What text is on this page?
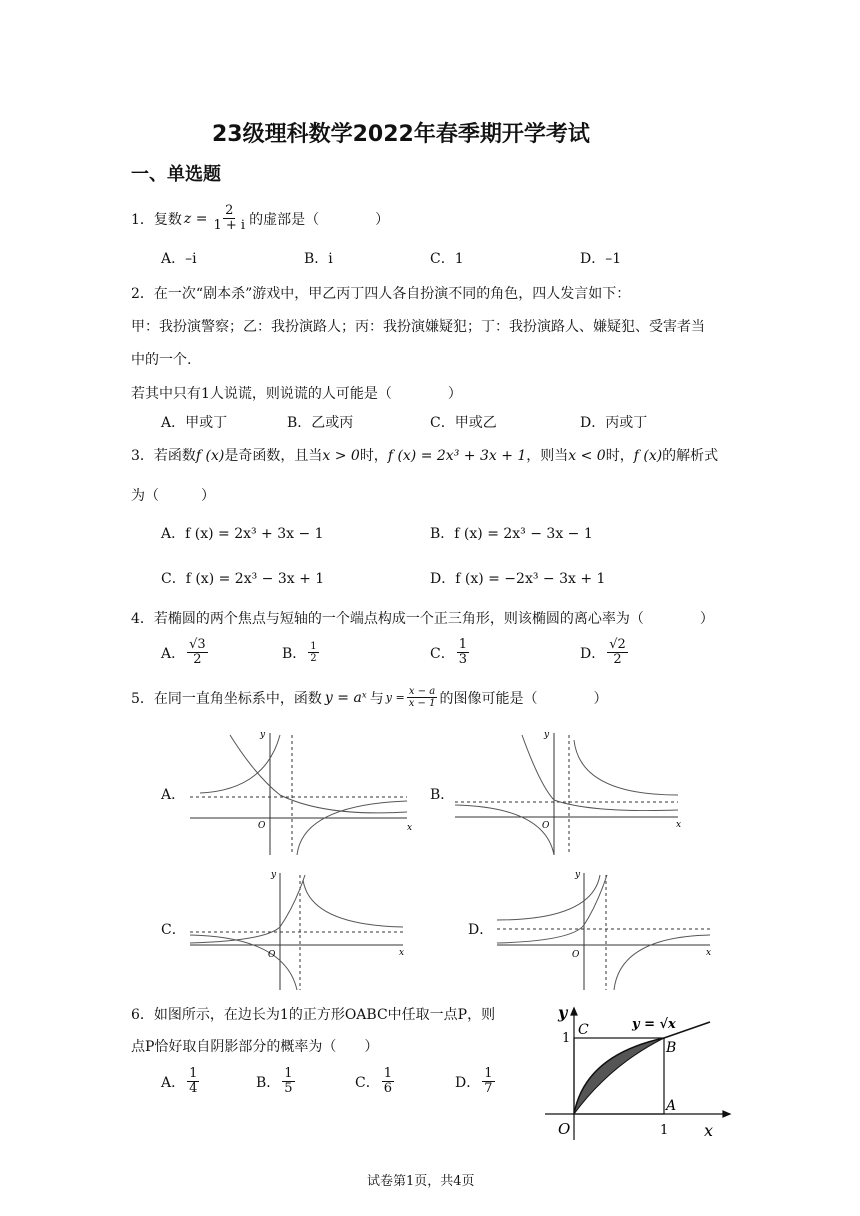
23级理科数学2022年春季期开学考试
一、单选题
1．复数 $z = \frac{2}{1 + i}$ 的虚部是（　　　　）
A．–i	B．i	C．1	D．–1
2．在一次“剧本杀”游戏中，甲乙丙丁四人各自扮演不同的角色，四人发言如下：
甲：我扮演警察；乙：我扮演路人；丙：我扮演嫌疑犯；丁：我扮演路人、嫌疑犯、受害者当
中的一个.
若其中只有1人说谎，则说谎的人可能是（　　　　）
A．甲或丁	B．乙或丙	C．甲或乙	D．丙或丁
3．若函数f (x)是奇函数，且当x > 0时，f (x) = 2x³ + 3x + 1，则当x < 0时，f (x)的解析式
为（　　　）
A．f (x) = 2x³ + 3x − 1	B．f (x) = 2x³ − 3x − 1
C．f (x) = 2x³ − 3x + 1	D．f (x) = −2x³ − 3x + 1
4．若椭圆的两个焦点与短轴的一个端点构成一个正三角形，则该椭圆的离心率为（　　　　）
A． $\frac{√3}{2}$	B． $\frac{1}{2}$	C． $\frac{1}{3}$	D． $\frac{√2}{2}$
5．在同一直角坐标系中，函数 y = aˣ 与 $y = \frac{x - a}{x - 1}$ 的图像可能是（　　　　）
A．	B．
C．	D．
y
x
O
y
x
O
y
x
O
y
x
O
6．如图所示，在边长为1的正方形OABC中任取一点P，则
点P恰好取自阴影部分的概率为（　　）
A． $\frac{1}{4}$	B． $\frac{1}{5}$	C． $\frac{1}{6}$	D． $\frac{1}{7}$
y
x
C
B
A
O
1
1
y = √x
试卷第1页，共4页
